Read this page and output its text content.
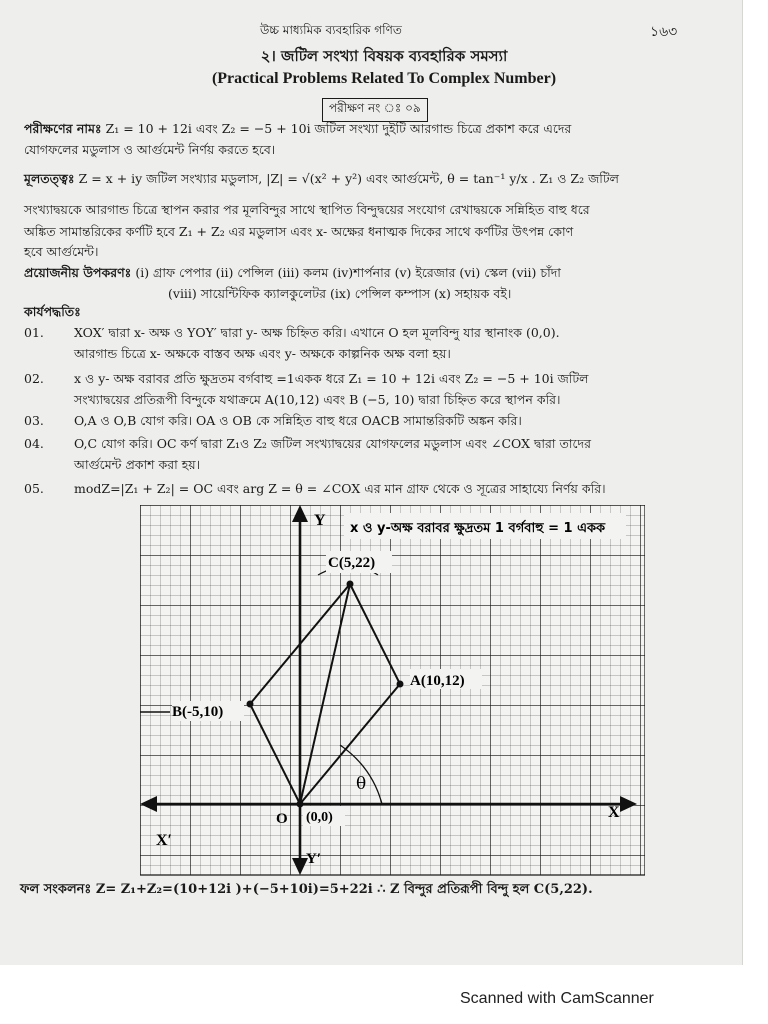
উচ্চ মাধ্যমিক ব্যবহারিক গণিত	১৬৩
২। জটিল সংখ্যা বিষয়ক ব্যবহারিক সমস্যা
(Practical Problems Related To Complex Number)
পরীক্ষণ নং ঃ ০৯
পরীক্ষণের নামঃ Z₁ = 10 + 12i এবং Z₂ = −5 + 10i জটিল সংখ্যা দুইটি আরগান্ড চিত্রে প্রকাশ করে এদের
যোগফলের মডুলাস ও আর্গুমেন্ট নির্ণয় করতে হবে।
মূলতত্ত্বঃ Z = x + iy জটিল সংখ্যার মডুলাস, |Z| = √(x² + y²) এবং আর্গুমেন্ট, θ = tan⁻¹ y/x . Z₁ ও Z₂ জটিল
সংখ্যাদ্বয়কে আরগান্ড চিত্রে স্থাপন করার পর মূলবিন্দুর সাথে স্থাপিত বিন্দুদ্বয়ের সংযোগ রেখাদ্বয়কে সন্নিহিত বাহু ধরে
অঙ্কিত সামান্তরিকের কর্ণটি হবে Z₁ + Z₂ এর মডুলাস এবং x- অক্ষের ধনাত্মক দিকের সাথে কর্ণটির উৎপন্ন কোণ
হবে আর্গুমেন্ট।
প্রয়োজনীয় উপকরণঃ (i) গ্রাফ পেপার (ii) পেন্সিল (iii) কলম (iv)শার্পনার (v) ইরেজার (vi) স্কেল (vii) চাঁদা
(viii) সায়েন্টিফিক ক্যালকুলেটর (ix) পেন্সিল কম্পাস (x) সহায়ক বই।
কার্যপদ্ধতিঃ
01. XOX′ দ্বারা x- অক্ষ ও YOY′ দ্বারা y- অক্ষ চিহ্নিত করি। এখানে O হল মূলবিন্দু যার স্থানাংক (0,0).
আরগান্ড চিত্রে x- অক্ষকে বাস্তব অক্ষ এবং y- অক্ষকে কাল্পনিক অক্ষ বলা হয়।
02. x ও y- অক্ষ বরাবর প্রতি ক্ষুদ্রতম বর্গবাহু =1একক ধরে Z₁ = 10 + 12i এবং Z₂ = −5 + 10i জটিল
সংখ্যাদ্বয়ের প্রতিরূপী বিন্দুকে যথাক্রমে A(10,12) এবং B (−5, 10) দ্বারা চিহ্নিত করে স্থাপন করি।
03. O,A ও O,B যোগ করি। OA ও OB কে সন্নিহিত বাহু ধরে OACB সামান্তরিকটি অঙ্কন করি।
04. O,C যোগ করি। OC কর্ণ দ্বারা Z₁ও Z₂ জটিল সংখ্যাদ্বয়ের যোগফলের মডুলাস এবং ∠COX দ্বারা তাদের
আর্গুমেন্ট প্রকাশ করা হয়।
05. modZ=|Z₁ + Z₂| = OC এবং arg Z = θ = ∠COX এর মান গ্রাফ থেকে ও সূত্রের সাহায্যে নির্ণয় করি।
x ও y-অক্ষ বরাবর ক্ষুদ্রতম 1 বর্গবাহু = 1 একক
A(10,12)
B(-5,10)
C(5,22)
O (0,0)
Y
Y′
X
X′
θ
ফল সংকলনঃ Z= Z₁+Z₂=(10+12i )+(−5+10i)=5+22i ∴ Z বিন্দুর প্রতিরূপী বিন্দু হল C(5,22).
Scanned with CamScanner
